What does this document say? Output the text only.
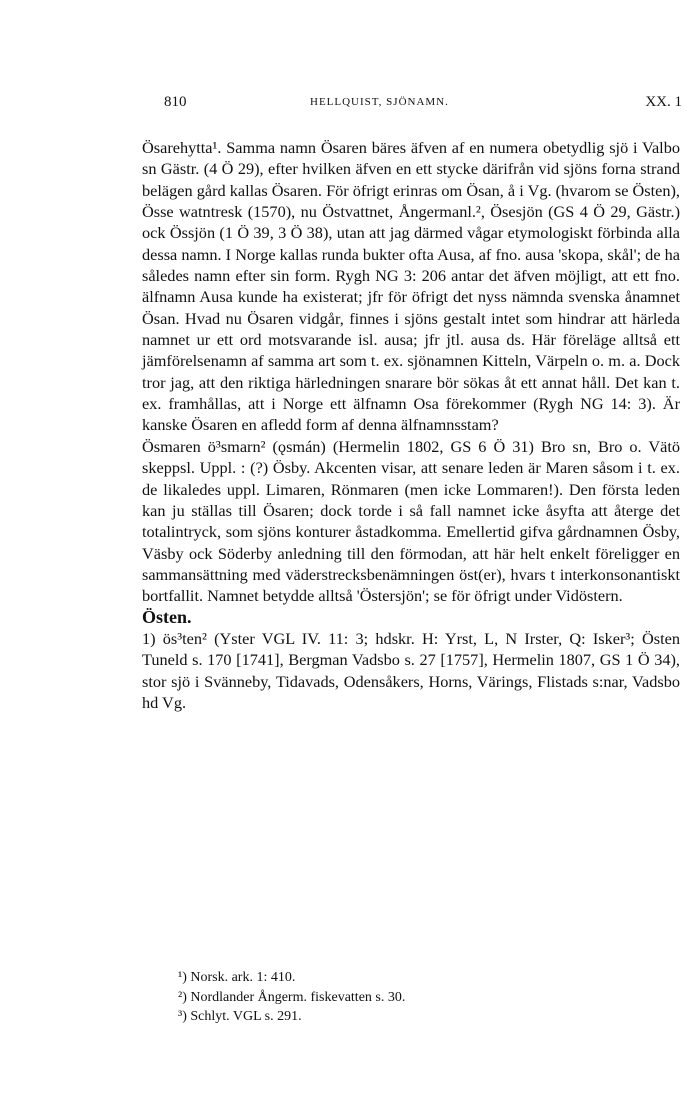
810	HELLQUIST, SJÖNAMN.	XX. 1

Ösarehytta¹. Samma namn Ösaren bäres äfven af en numera obetydlig sjö i Valbo sn Gästr. (4 Ö 29), efter hvilken äfven en ett stycke därifrån vid sjöns forna strand belägen gård kallas Ösaren. För öfrigt erinras om Ösan, å i Vg. (hvarom se Östen), Össe watntresk (1570), nu Östvattnet, Ångermanl.², Ösesjön (GS 4 Ö 29, Gästr.) ock Össjön (1 Ö 39, 3 Ö 38), utan att jag därmed vågar etymologiskt förbinda alla dessa namn. I Norge kallas runda bukter ofta Ausa, af fno. ausa 'skopa, skål'; de ha således namn efter sin form. Rygh NG 3: 206 antar det äfven möjligt, att ett fno. älfnamn Ausa kunde ha existerat; jfr för öfrigt det nyss nämnda svenska ånamnet Ösan. Hvad nu Ösaren vidgår, finnes i sjöns gestalt intet som hindrar att härleda namnet ur ett ord motsvarande isl. ausa; jfr jtl. ausa ds. Här föreläge alltså ett jämförelsenamn af samma art som t. ex. sjönamnen Kitteln, Värpeln o. m. a. Dock tror jag, att den riktiga härledningen snarare bör sökas åt ett annat håll. Det kan t. ex. framhållas, att i Norge ett älfnamn Osa förekommer (Rygh NG 14: 3). Är kanske Ösaren en afledd form af denna älfnamnsstam?

Ösmaren ö³smarn² (ǫsmán) (Hermelin 1802, GS 6 Ö 31) Bro sn, Bro o. Vätö skeppsl. Uppl. : (?) Ösby. Akcenten visar, att senare leden är Maren såsom i t. ex. de likaledes uppl. Limaren, Rönmaren (men icke Lommaren!). Den första leden kan ju ställas till Ösaren; dock torde i så fall namnet icke åsyfta att återge det totalintryck, som sjöns konturer åstadkomma. Emellertid gifva gårdnamnen Ösby, Väsby ock Söderby anledning till den förmodan, att här helt enkelt föreligger en sammansättning med väderstrecksbenämningen öst(er), hvars t interkonsonantiskt bortfallit. Namnet betydde alltså 'Östersjön'; se för öfrigt under Vidöstern.

Östen.

1) ös³ten² (Yster VGL IV. 11: 3; hdskr. H: Yrst, L, N Irster, Q: Isker³; Östen Tuneld s. 170 [1741], Bergman Vadsbo s. 27 [1757], Hermelin 1807, GS 1 Ö 34), stor sjö i Svänneby, Tidavads, Odensåkers, Horns, Värings, Flistads s:nar, Vadsbo hd Vg.

¹) Norsk. ark. 1: 410.
²) Nordlander Ångerm. fiskevatten s. 30.
³) Schlyt. VGL s. 291.
